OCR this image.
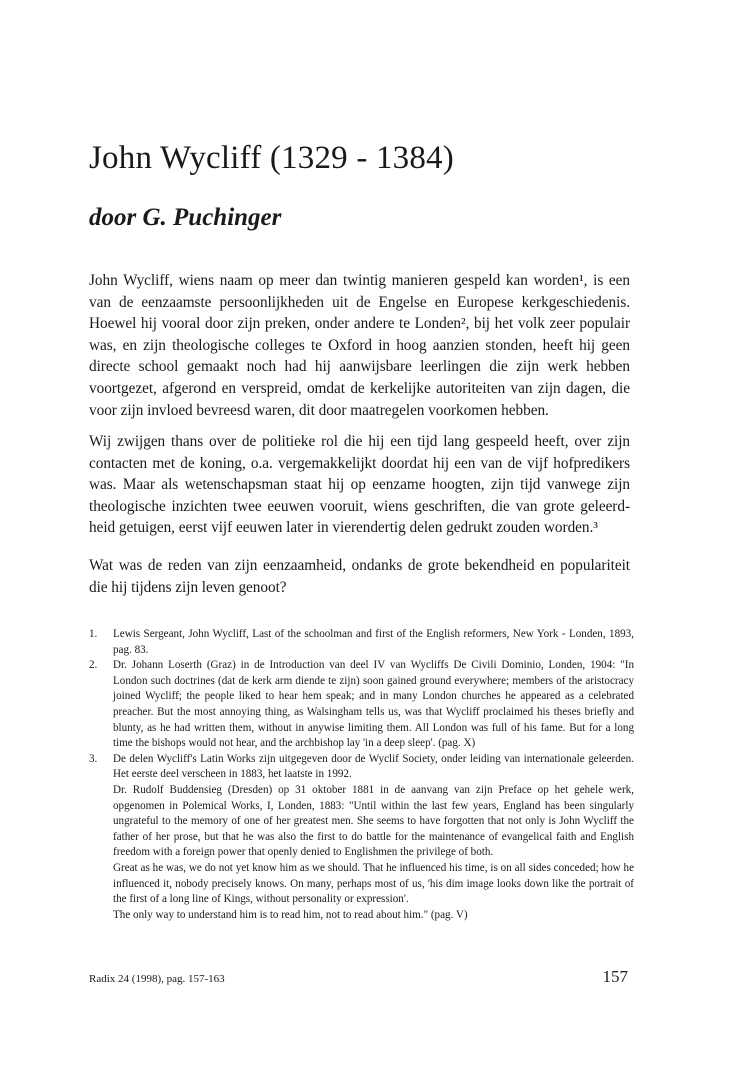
John Wycliff (1329 - 1384)
door G. Puchinger
John Wycliff, wiens naam op meer dan twintig manieren gespeld kan worden¹, is een
van de eenzaamste persoonlijkheden uit de Engelse en Europese kerkgeschiedenis.
Hoewel hij vooral door zijn preken, onder andere te Londen², bij het volk zeer populair
was, en zijn theologische colleges te Oxford in hoog aanzien stonden, heeft hij geen
directe school gemaakt noch had hij aanwijsbare leerlingen die zijn werk hebben
voortgezet, afgerond en verspreid, omdat de kerkelijke autoriteiten van zijn dagen, die
voor zijn invloed bevreesd waren, dit door maatregelen voorkomen hebben.
Wij zwijgen thans over de politieke rol die hij een tijd lang gespeeld heeft, over zijn
contacten met de koning, o.a. vergemakkelijkt doordat hij een van de vijf hofpredikers
was. Maar als wetenschapsman staat hij op eenzame hoogten, zijn tijd vanwege zijn
theologische inzichten twee eeuwen vooruit, wiens geschriften, die van grote geleerd-
heid getuigen, eerst vijf eeuwen later in vierendertig delen gedrukt zouden worden.³
Wat was de reden van zijn eenzaamheid, ondanks de grote bekendheid en populariteit
die hij tijdens zijn leven genoot?
1. Lewis Sergeant, John Wycliff, Last of the schoolman and first of the English reformers, New York - Londen, 1893, pag. 83.

2. Dr. Johann Loserth (Graz) in de Introduction van deel IV van Wycliffs De Civili Dominio, Londen, 1904: "In London such doctrines (dat de kerk arm diende te zijn) soon gained ground everywhere; members of the aristocracy joined Wycliff; the people liked to hear hem speak; and in many London churches he appeared as a celebrated preacher. But the most annoying thing, as Walsingham tells us, was that Wycliff proclaimed his theses briefly and blunty, as he had written them, without in anywise limiting them. All London was full of his fame. But for a long time the bishops would not hear, and the archbishop lay 'in a deep sleep'. (pag. X)

3. De delen Wycliff's Latin Works zijn uitgegeven door de Wyclif Society, onder leiding van internationale geleerden. Het eerste deel verscheen in 1883, het laatste in 1992.

Dr. Rudolf Buddensieg (Dresden) op 31 oktober 1881 in de aanvang van zijn Preface op het gehele werk, opgenomen in Polemical Works, I, Londen, 1883: "Until within the last few years, England has been singularly ungrateful to the memory of one of her greatest men. She seems to have forgotten that not only is John Wycliff the father of her prose, but that he was also the first to do battle for the maintenance of evangelical faith and English freedom with a foreign power that openly denied to Englishmen the privilege of both.

Great as he was, we do not yet know him as we should. That he influenced his time, is on all sides conceded; how he influenced it, nobody precisely knows. On many, perhaps most of us, 'his dim image looks down like the portrait of the first of a long line of Kings, without personality or expression'.

The only way to understand him is to read him, not to read about him." (pag. V)

Radix 24 (1998), pag. 157-163	157
